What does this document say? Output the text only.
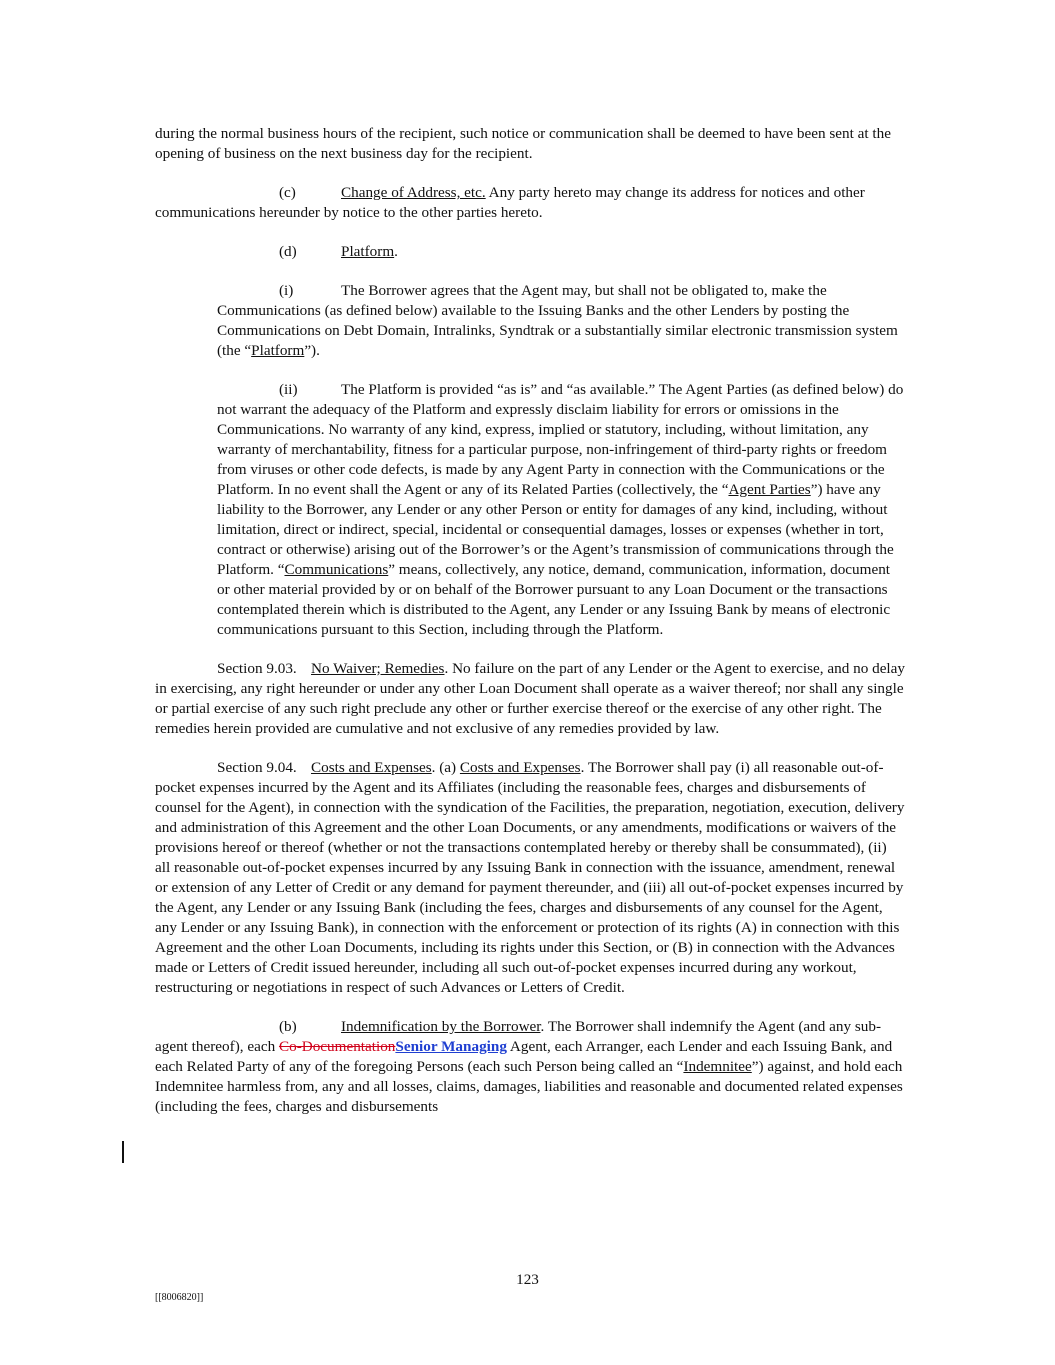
during the normal business hours of the recipient, such notice or communication shall be deemed to have been sent at the opening of business on the next business day for the recipient.

(c)	Change of Address, etc. Any party hereto may change its address for notices and other communications hereunder by notice to the other parties hereto.

(d)	Platform.

(i)	The Borrower agrees that the Agent may, but shall not be obligated to, make the Communications (as defined below) available to the Issuing Banks and the other Lenders by posting the Communications on Debt Domain, Intralinks, Syndtrak or a substantially similar electronic transmission system (the “Platform”).

(ii)	The Platform is provided “as is” and “as available.” The Agent Parties (as defined below) do not warrant the adequacy of the Platform and expressly disclaim liability for errors or omissions in the Communications. No warranty of any kind, express, implied or statutory, including, without limitation, any warranty of merchantability, fitness for a particular purpose, non-infringement of third-party rights or freedom from viruses or other code defects, is made by any Agent Party in connection with the Communications or the Platform. In no event shall the Agent or any of its Related Parties (collectively, the “Agent Parties”) have any liability to the Borrower, any Lender or any other Person or entity for damages of any kind, including, without limitation, direct or indirect, special, incidental or consequential damages, losses or expenses (whether in tort, contract or otherwise) arising out of the Borrower’s or the Agent’s transmission of communications through the Platform. “Communications” means, collectively, any notice, demand, communication, information, document or other material provided by or on behalf of the Borrower pursuant to any Loan Document or the transactions contemplated therein which is distributed to the Agent, any Lender or any Issuing Bank by means of electronic communications pursuant to this Section, including through the Platform.

Section 9.03. No Waiver; Remedies. No failure on the part of any Lender or the Agent to exercise, and no delay in exercising, any right hereunder or under any other Loan Document shall operate as a waiver thereof; nor shall any single or partial exercise of any such right preclude any other or further exercise thereof or the exercise of any other right. The remedies herein provided are cumulative and not exclusive of any remedies provided by law.

Section 9.04. Costs and Expenses. (a) Costs and Expenses. The Borrower shall pay (i) all reasonable out-of-pocket expenses incurred by the Agent and its Affiliates (including the reasonable fees, charges and disbursements of counsel for the Agent), in connection with the syndication of the Facilities, the preparation, negotiation, execution, delivery and administration of this Agreement and the other Loan Documents, or any amendments, modifications or waivers of the provisions hereof or thereof (whether or not the transactions contemplated hereby or thereby shall be consummated), (ii) all reasonable out-of-pocket expenses incurred by any Issuing Bank in connection with the issuance, amendment, renewal or extension of any Letter of Credit or any demand for payment thereunder, and (iii) all out-of-pocket expenses incurred by the Agent, any Lender or any Issuing Bank (including the fees, charges and disbursements of any counsel for the Agent, any Lender or any Issuing Bank), in connection with the enforcement or protection of its rights (A) in connection with this Agreement and the other Loan Documents, including its rights under this Section, or (B) in connection with the Advances made or Letters of Credit issued hereunder, including all such out-of-pocket expenses incurred during any workout, restructuring or negotiations in respect of such Advances or Letters of Credit.

(b)	Indemnification by the Borrower. The Borrower shall indemnify the Agent (and any sub-agent thereof), each Co-DocumentationSenior Managing Agent, each Arranger, each Lender and each Issuing Bank, and each Related Party of any of the foregoing Persons (each such Person being called an “Indemnitee”) against, and hold each Indemnitee harmless from, any and all losses, claims, damages, liabilities and reasonable and documented related expenses (including the fees, charges and disbursements

123
[[8006820]]
